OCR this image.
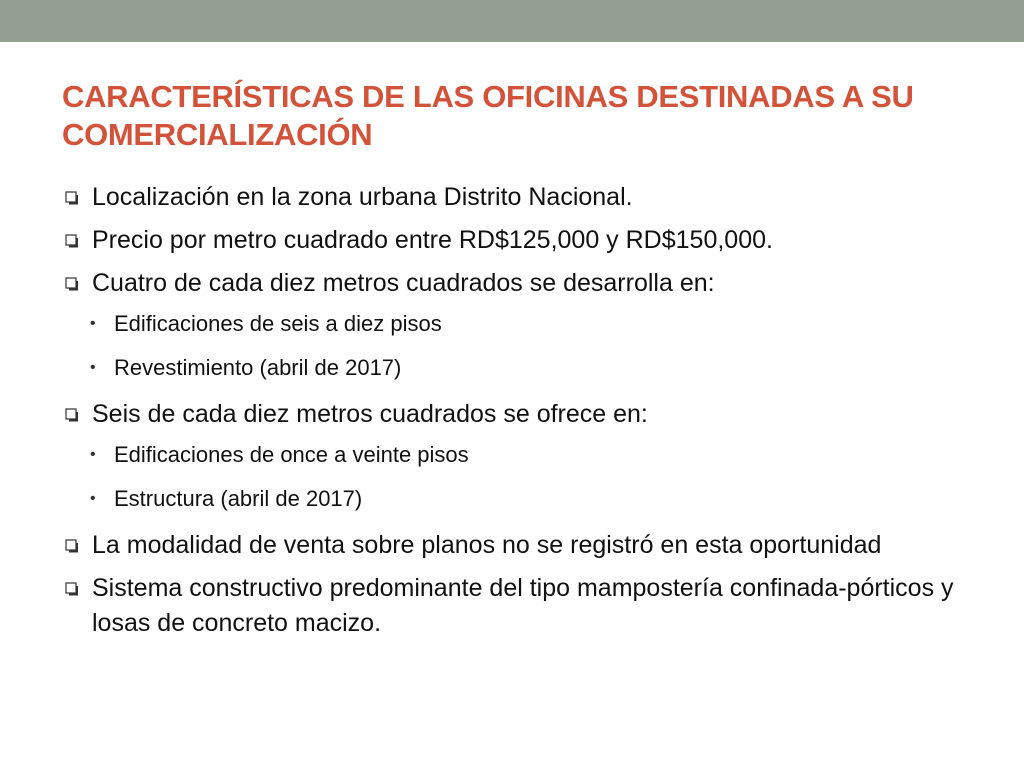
CARACTERÍSTICAS DE LAS OFICINAS DESTINADAS A SU COMERCIALIZACIÓN
Localización en la zona urbana Distrito Nacional.
Precio por metro cuadrado entre RD$125,000 y RD$150,000.
Cuatro de cada diez metros cuadrados se desarrolla en:
• Edificaciones de seis a diez pisos
• Revestimiento (abril de 2017)
Seis de cada diez metros cuadrados se ofrece en:
• Edificaciones de once a veinte pisos
• Estructura (abril de 2017)
La modalidad de venta sobre planos no se registró en esta oportunidad
Sistema constructivo predominante del tipo mampostería confinada-pórticos y losas de concreto macizo.
